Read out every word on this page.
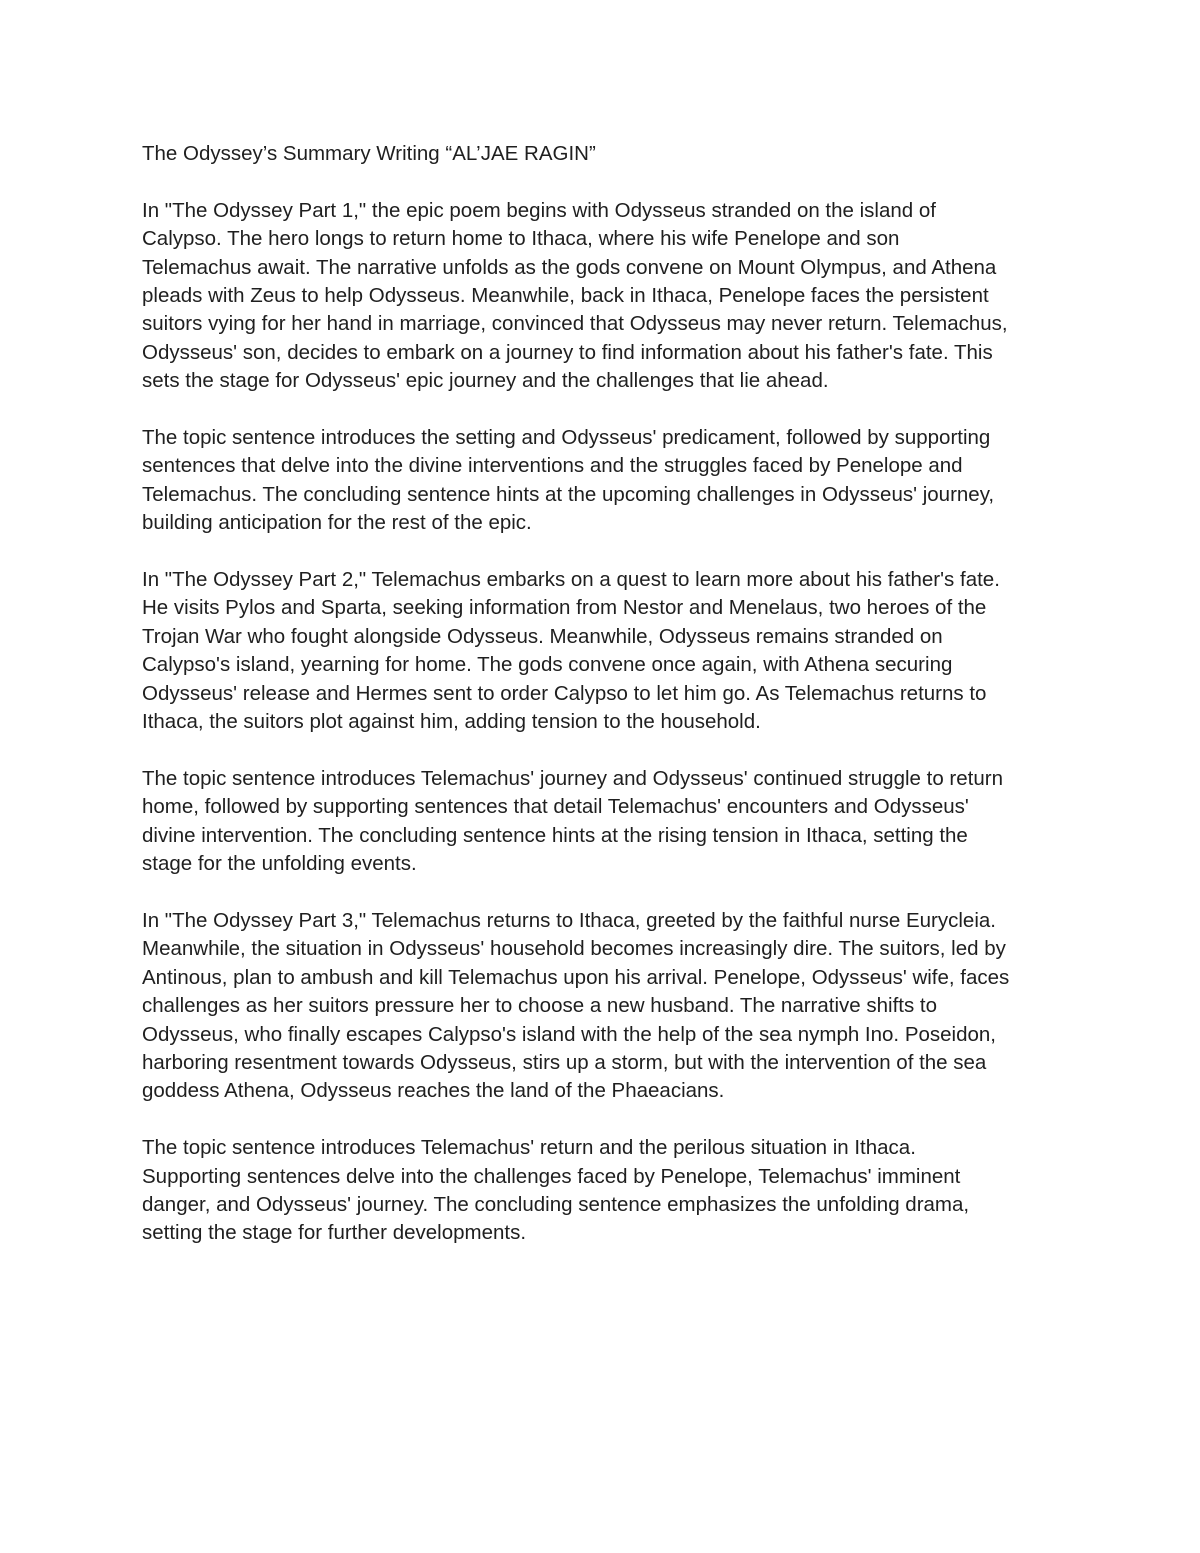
The Odyssey’s Summary Writing “AL’JAE RAGIN”

In "The Odyssey Part 1," the epic poem begins with Odysseus stranded on the island of
Calypso. The hero longs to return home to Ithaca, where his wife Penelope and son
Telemachus await. The narrative unfolds as the gods convene on Mount Olympus, and Athena
pleads with Zeus to help Odysseus. Meanwhile, back in Ithaca, Penelope faces the persistent
suitors vying for her hand in marriage, convinced that Odysseus may never return. Telemachus,
Odysseus' son, decides to embark on a journey to find information about his father's fate. This
sets the stage for Odysseus' epic journey and the challenges that lie ahead.

The topic sentence introduces the setting and Odysseus' predicament, followed by supporting
sentences that delve into the divine interventions and the struggles faced by Penelope and
Telemachus. The concluding sentence hints at the upcoming challenges in Odysseus' journey,
building anticipation for the rest of the epic.

In "The Odyssey Part 2," Telemachus embarks on a quest to learn more about his father's fate.
He visits Pylos and Sparta, seeking information from Nestor and Menelaus, two heroes of the
Trojan War who fought alongside Odysseus. Meanwhile, Odysseus remains stranded on
Calypso's island, yearning for home. The gods convene once again, with Athena securing
Odysseus' release and Hermes sent to order Calypso to let him go. As Telemachus returns to
Ithaca, the suitors plot against him, adding tension to the household.

The topic sentence introduces Telemachus' journey and Odysseus' continued struggle to return
home, followed by supporting sentences that detail Telemachus' encounters and Odysseus'
divine intervention. The concluding sentence hints at the rising tension in Ithaca, setting the
stage for the unfolding events.

In "The Odyssey Part 3," Telemachus returns to Ithaca, greeted by the faithful nurse Eurycleia.
Meanwhile, the situation in Odysseus' household becomes increasingly dire. The suitors, led by
Antinous, plan to ambush and kill Telemachus upon his arrival. Penelope, Odysseus' wife, faces
challenges as her suitors pressure her to choose a new husband. The narrative shifts to
Odysseus, who finally escapes Calypso's island with the help of the sea nymph Ino. Poseidon,
harboring resentment towards Odysseus, stirs up a storm, but with the intervention of the sea
goddess Athena, Odysseus reaches the land of the Phaeacians.

The topic sentence introduces Telemachus' return and the perilous situation in Ithaca.
Supporting sentences delve into the challenges faced by Penelope, Telemachus' imminent
danger, and Odysseus' journey. The concluding sentence emphasizes the unfolding drama,
setting the stage for further developments.
